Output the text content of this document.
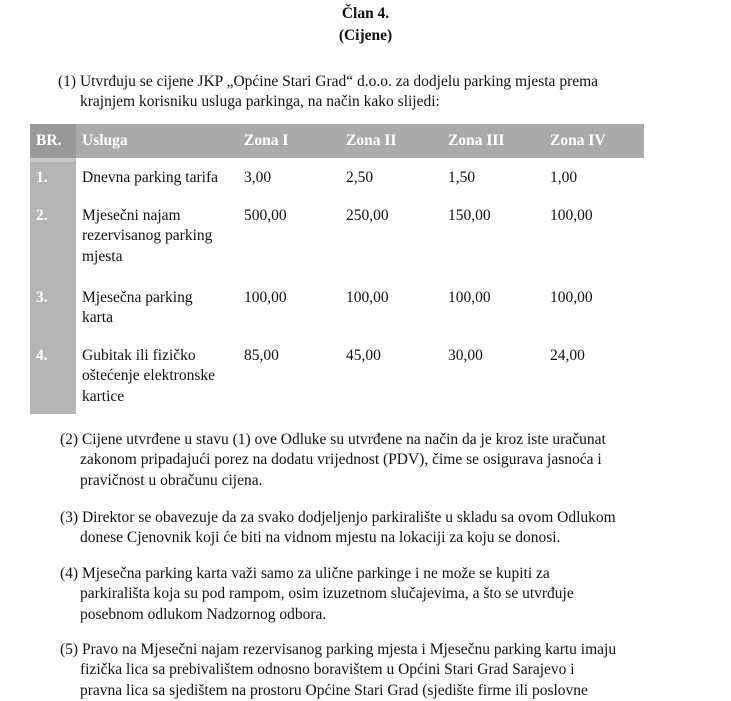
Član 4.
(Cijene)
(1) Utvrđuju se cijene JKP „Općine Stari Grad“ d.o.o. za dodjelu parking mjesta prema
krajnjem korisniku usluga parkinga, na način kako slijedi:
BR.	Usluga	Zona I	Zona II	Zona III	Zona IV

1.	Dnevna parking tarifa	3,00	2,50	1,50	1,00
2.	Mjesečni najam
rezervisanog parking
mjesta	500,00	250,00	150,00	100,00
3.	Mjesečna parking
karta	100,00	100,00	100,00	100,00
4.	Gubitak ili fizičko
oštećenje elektronske
kartice	85,00	45,00	30,00	24,00
(2) Cijene utvrđene u stavu (1) ove Odluke su utvrđene na način da je kroz iste uračunat
zakonom pripadajući porez na dodatu vrijednost (PDV), čime se osigurava jasnoća i
pravičnost u obračunu cijena.
(3) Direktor se obavezuje da za svako dodjeljenjo parkiralište u skladu sa ovom Odlukom
donese Cjenovnik koji će biti na vidnom mjestu na lokaciji za koju se donosi.
(4) Mjesečna parking karta važi samo za ulične parkinge i ne može se kupiti za
parkirališta koja su pod rampom, osim izuzetnom slučajevima, a što se utvrđuje
posebnom odlukom Nadzornog odbora.
(5) Pravo na Mjesečni najam rezervisanog parking mjesta i Mjesečnu parking kartu imaju
fizička lica sa prebivalištem odnosno boravištem u Općini Stari Grad Sarajevo i
pravna lica sa sjedištem na prostoru Općine Stari Grad (sjedište firme ili poslovne
